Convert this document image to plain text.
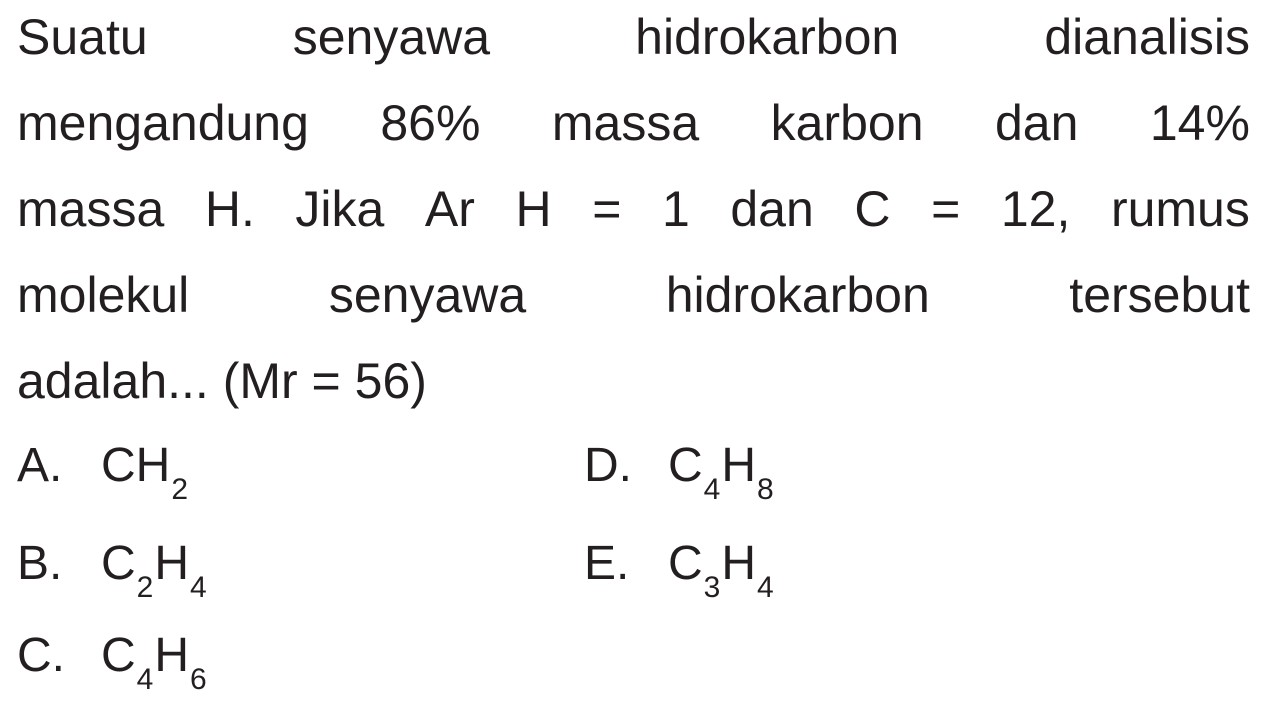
Suatu	senyawa	hidrokarbon	dianalisis
mengandung 86% massa karbon dan 14%
massa H. Jika Ar H = 1 dan C = 12, rumus
molekul	senyawa	hidrokarbon	tersebut
adalah... (Mr = 56)
A. $CH_2$
B. $C_2H_4$
C. $C_4H_6$
D. $C_4H_8$
E. $C_3H_4$
